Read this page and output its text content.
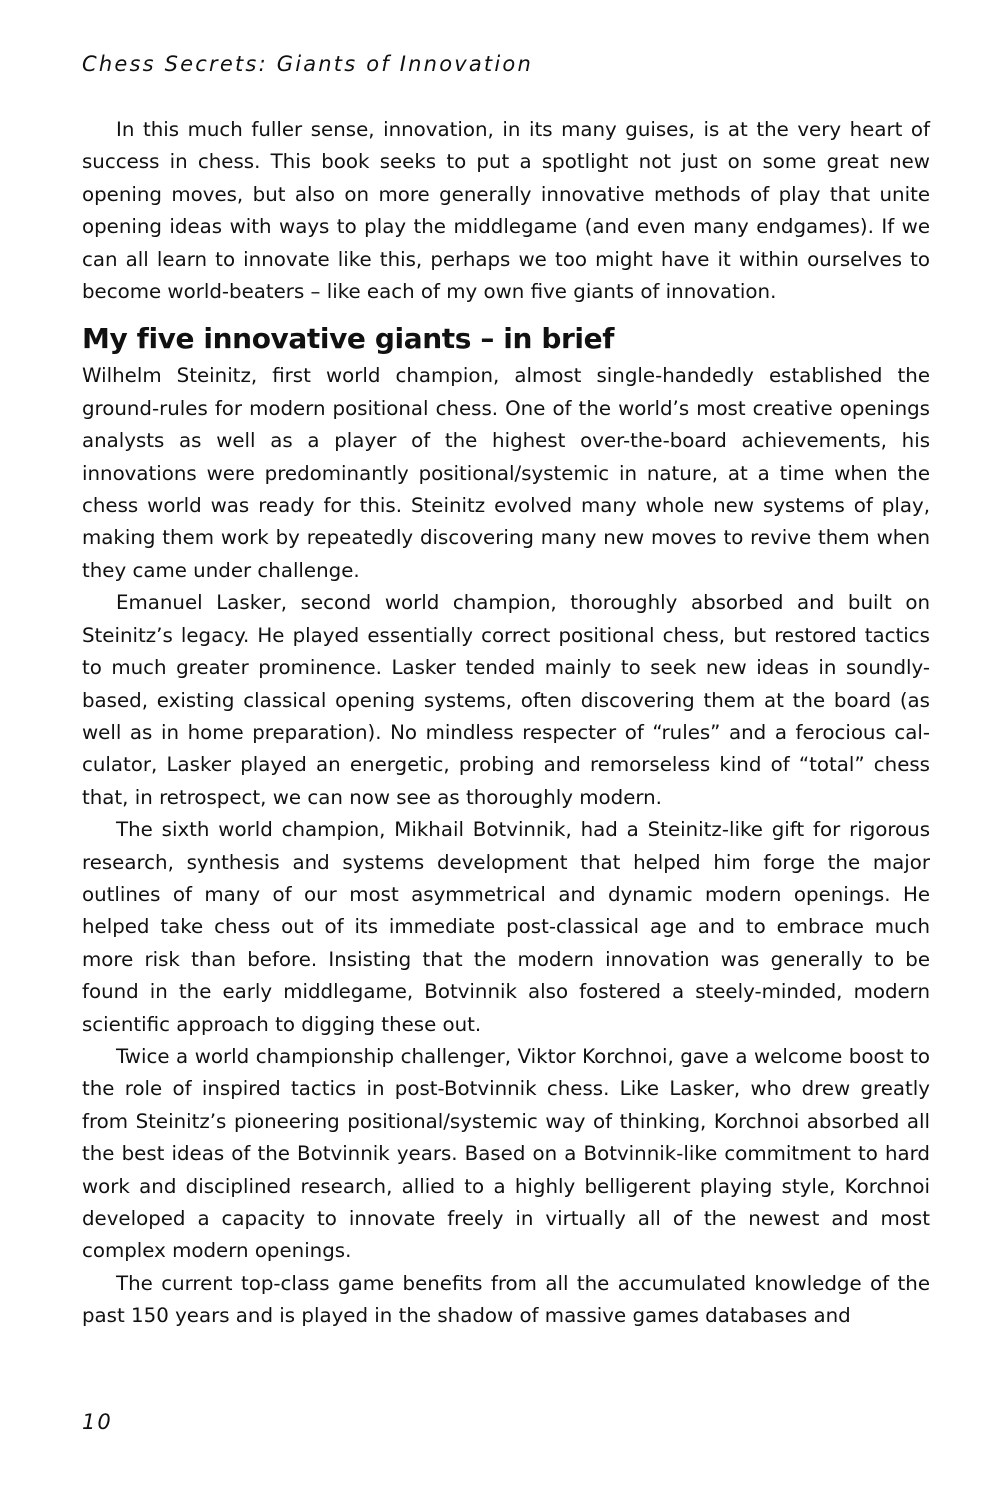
Chess Secrets: Giants of Innovation

In this much fuller sense, innovation, in its many guises, is at the very heart of success in chess. This book seeks to put a spotlight not just on some great new opening moves, but also on more generally innovative methods of play that unite opening ideas with ways to play the middlegame (and even many endgames). If we can all learn to innovate like this, perhaps we too might have it within ourselves to become world-beaters – like each of my own five giants of innovation.

My five innovative giants – in brief

Wilhelm Steinitz, first world champion, almost single-handedly established the ground-rules for modern positional chess. One of the world’s most creative openings analysts as well as a player of the highest over-the-board achievements, his innovations were predominantly positional/systemic in nature, at a time when the chess world was ready for this. Steinitz evolved many whole new systems of play, making them work by repeatedly discovering many new moves to revive them when they came under challenge.

Emanuel Lasker, second world champion, thoroughly absorbed and built on Steinitz’s legacy. He played essentially correct positional chess, but restored tactics to much greater prominence. Lasker tended mainly to seek new ideas in soundly-based, existing classical opening systems, often discovering them at the board (as well as in home preparation). No mindless respecter of “rules” and a ferocious calculator, Lasker played an energetic, probing and remorseless kind of “total” chess that, in retrospect, we can now see as thoroughly modern.

The sixth world champion, Mikhail Botvinnik, had a Steinitz-like gift for rigorous research, synthesis and systems development that helped him forge the major outlines of many of our most asymmetrical and dynamic modern openings. He helped take chess out of its immediate post-classical age and to embrace much more risk than before. Insisting that the modern innovation was generally to be found in the early middlegame, Botvinnik also fostered a steely-minded, modern scientific approach to digging these out.

Twice a world championship challenger, Viktor Korchnoi, gave a welcome boost to the role of inspired tactics in post-Botvinnik chess. Like Lasker, who drew greatly from Steinitz’s pioneering positional/systemic way of thinking, Korchnoi absorbed all the best ideas of the Botvinnik years. Based on a Botvinnik-like commitment to hard work and disciplined research, allied to a highly belligerent playing style, Korchnoi developed a capacity to innovate freely in virtually all of the newest and most complex modern openings.

The current top-class game benefits from all the accumulated knowledge of the past 150 years and is played in the shadow of massive games databases and

10
